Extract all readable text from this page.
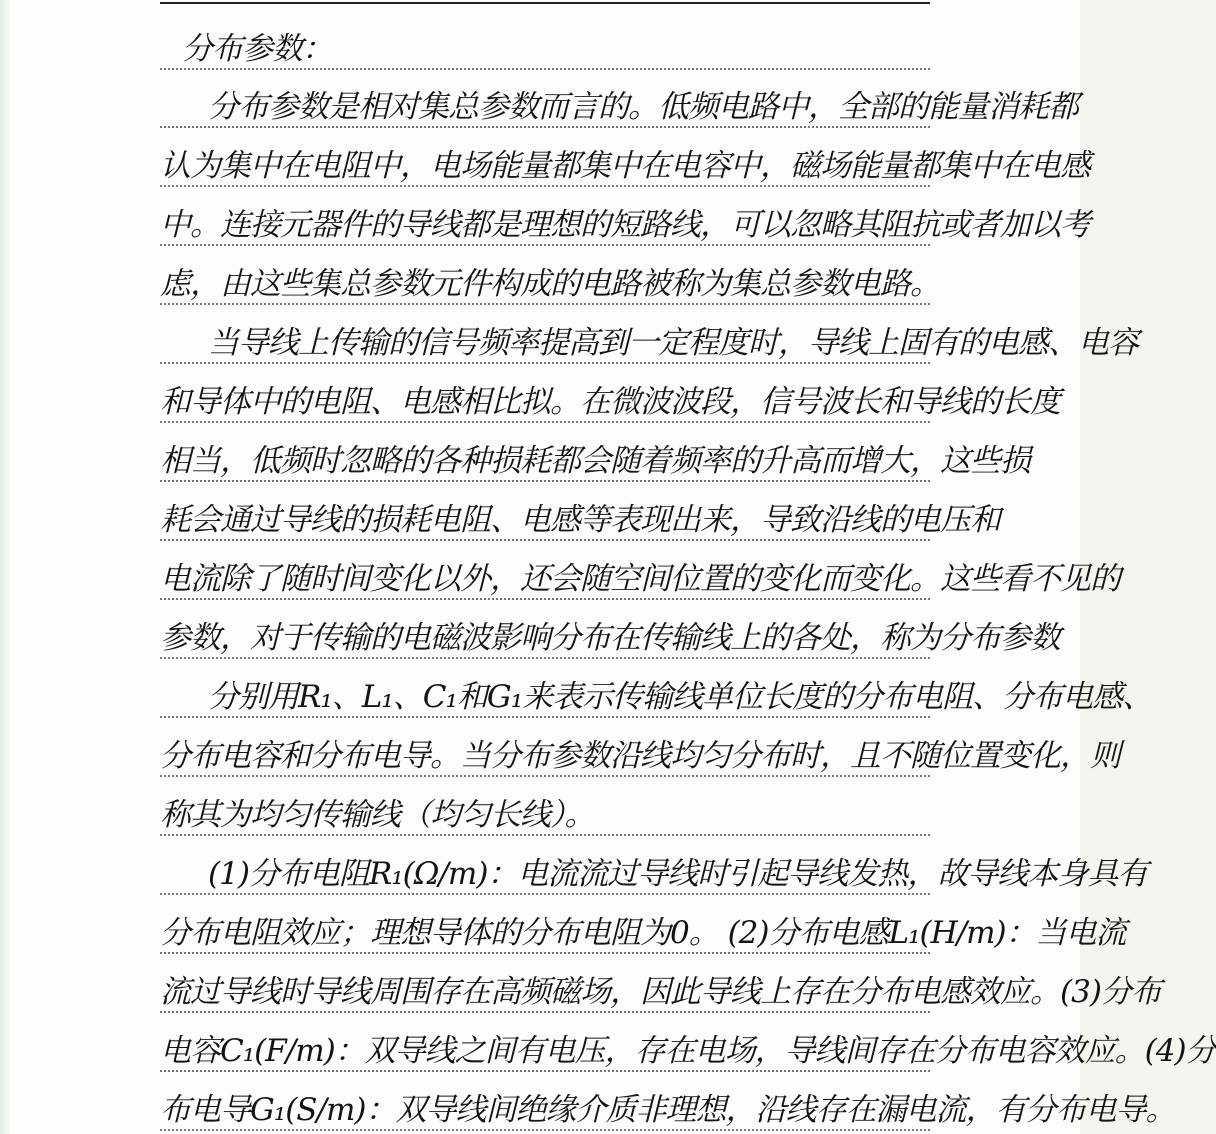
分布参数：
分布参数是相对集总参数而言的。低频电路中，全部的能量消耗都
认为集中在电阻中，电场能量都集中在电容中，磁场能量都集中在电感
中。连接元器件的导线都是理想的短路线，可以忽略其阻抗或者加以考
虑，由这些集总参数元件构成的电路被称为集总参数电路。
当导线上传输的信号频率提高到一定程度时，导线上固有的电感、电容
和导体中的电阻、电感相比拟。在微波波段，信号波长和导线的长度
相当，低频时忽略的各种损耗都会随着频率的升高而增大，这些损
耗会通过导线的损耗电阻、电感等表现出来，导致沿线的电压和
电流除了随时间变化以外，还会随空间位置的变化而变化。这些看不见的
参数，对于传输的电磁波影响分布在传输线上的各处，称为分布参数
分别用R₁、L₁、C₁和G₁来表示传输线单位长度的分布电阻、分布电感、
分布电容和分布电导。当分布参数沿线均匀分布时，且不随位置变化，则
称其为均匀传输线（均匀长线）。
(1)分布电阻R₁(Ω/m)：电流流过导线时引起导线发热，故导线本身具有
分布电阻效应；理想导体的分布电阻为0。 (2)分布电感L₁(H/m)：当电流
流过导线时导线周围存在高频磁场，因此导线上存在分布电感效应。(3)分布
电容C₁(F/m)：双导线之间有电压，存在电场，导线间存在分布电容效应。(4)分
布电导G₁(S/m)：双导线间绝缘介质非理想，沿线存在漏电流，有分布电导。
